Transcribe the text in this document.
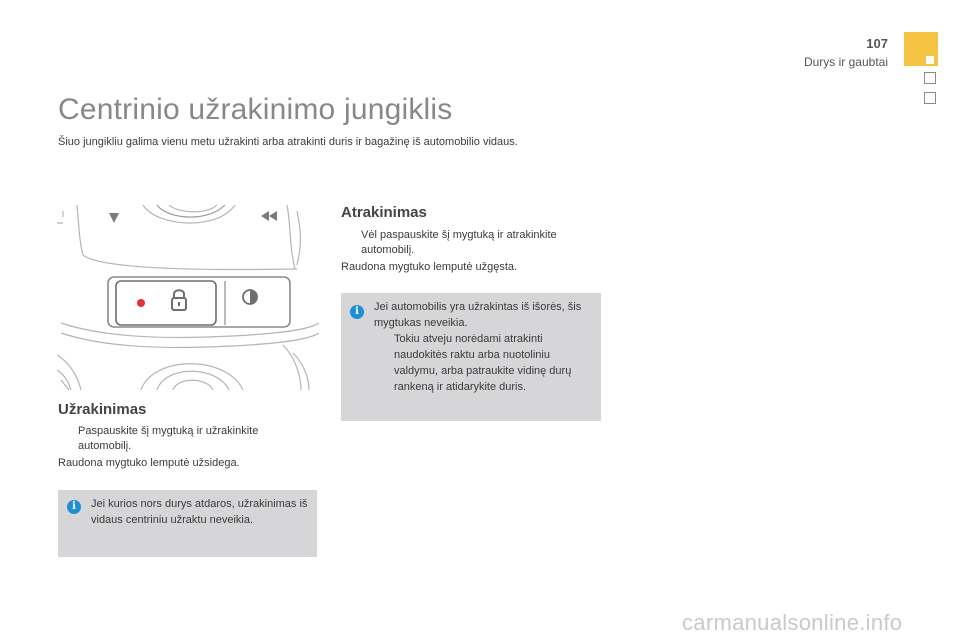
107
Durys ir gaubtai
Centrinio užrakinimo jungiklis
Šiuo jungikliu galima vienu metu užrakinti arba atrakinti duris ir bagažinę iš automobilio vidaus.
Užrakinimas
Paspauskite šį mygtuką ir užrakinkite automobilį.
Raudona mygtuko lemputė užsidega.
i	Jei kurios nors durys atdaros, užrakinimas iš vidaus centriniu užraktu neveikia.
Atrakinimas
Vėl paspauskite šį mygtuką ir atrakinkite automobilį.
Raudona mygtuko lemputė užgęsta.
i	Jei automobilis yra užrakintas iš išorės, šis mygtukas neveikia.
Tokiu atveju norėdami atrakinti naudokitės raktu arba nuotoliniu valdymu, arba patraukite vidinę durų rankeną ir atidarykite duris.
carmanualsonline.info
